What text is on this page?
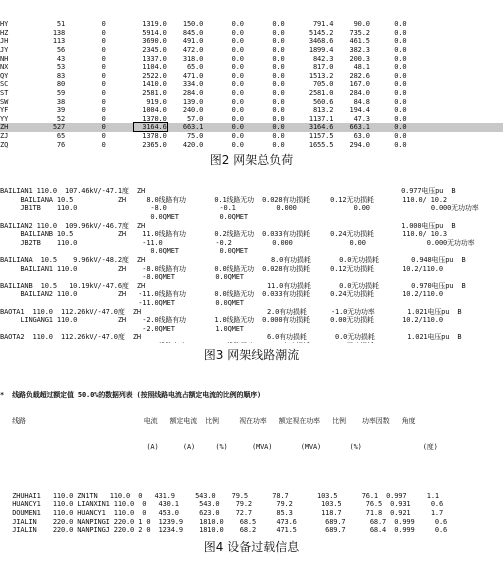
HY            51         0         1319.0    150.0       0.0       0.0       791.4     90.0      0.0
HZ           138         0         5914.0    845.0       0.0       0.0      5145.2    735.2      0.0
JH           113         0         3690.0    491.0       0.0       0.0      3468.6    461.5      0.0
JY            56         0         2345.0    472.0       0.0       0.0      1899.4    382.3      0.0
NH            43         0         1337.0    318.0       0.0       0.0       842.3    200.3      0.0
NX            53         0         1104.0     65.0       0.0       0.0       817.0     48.1      0.0
QY            83         0         2522.0    471.0       0.0       0.0      1513.2    282.6      0.0
SC            80         0         1410.0    334.0       0.0       0.0       705.0    167.0      0.0
ST            59         0         2581.0    284.0       0.0       0.0      2581.0    284.0      0.0
SW            38         0          919.0    139.0       0.0       0.0       560.6     84.8      0.0
YF            39         0         1004.0    240.0       0.0       0.0       813.2    194.4      0.0
YY            52         0         1370.0     57.0       0.0       0.0      1137.1     47.3      0.0
ZH           527         0         3164.6    663.1       0.0       0.0      3164.6    663.1      0.0
ZJ            65         0         1378.0     75.0       0.0       0.0      1157.5     63.0      0.0
ZQ            76         0         2365.0    420.0       0.0       0.0      1655.5    294.0      0.0

图2 网架总负荷

BAILIAN1 110.0  107.46kV/-47.1度  ZH                                                               0.977电压pu  B
BAILIANA 10.5           ZH     8.0线路有功       0.1线路无功  0.028有功损耗     0.12无功损耗       110.0/ 10.2
JB1TB    110.0                  -8.0             -0.1          0.000              0.00               0.000无功功率
0.0QMET          0.0QMET
BAILIAN2 110.0  109.96kV/-46.7度  ZH                                                               1.000电压pu  B
BAILIANB 10.5           ZH    11.0线路有功       0.2线路无功  0.033有功损耗     0.24无功损耗       110.0/ 10.3
JB2TB    110.0                -11.0             -0.2          0.000              0.00               0.000无功功率
0.0QMET          0.0QMET
BAILIANA  10.5    9.96kV/-48.2度  ZH                               8.0有功损耗       0.0无功损耗        0.948电压pu  B
BAILIAN1 110.0          ZH    -8.0线路有功       0.0线路无功  0.028有功损耗     0.12无功损耗       10.2/110.0
-8.0QMET          0.0QMET
BAILIANB  10.5   10.19kV/-47.6度  ZH                              11.0有功损耗       0.0无功损耗        0.970电压pu  B
BAILIAN2 110.0          ZH   -11.0线路有功       0.0线路无功  0.033有功损耗     0.24无功损耗       10.2/110.0
-11.0QMET          0.0QMET
BAOTA1  110.0  112.26kV/-47.0度  ZH                               2.0有功损耗      -1.0无功功率        1.021电压pu  B
LINGANG1 110.0          ZH    -2.0线路有功       1.0线路无功  0.000有功损耗     0.00无功损耗       10.2/110.0
-2.0QMET          1.0QMET
BAOTA2  110.0  112.26kV/-47.0度  ZH                               6.0有功损耗       0.0无功损耗        1.021电压pu  B

图3 网架线路潮流

*  线路负载超过额定值 50.0%的数据列表 (按照线路电流占额定电流的比例的顺序)

线路                             电流   额定电流  比例     视在功率   额定视在功率   比例    功率因数   角度

(A)      (A)     (%)      (MVA)       (MVA)       (%)               (度)

ZHUHAI1   110.0 ZN1TN   110.0  0   431.9     543.0    79.5      78.7       103.5      76.1  0.997     1.1
HUANCY1   110.0 LIANXIN1 110.0  0   430.1     543.0    79.2      79.2       103.5      76.5  0.931     0.6
DOUMEN1   110.0 HUANCY1  110.0  0   453.0     623.0    72.7      85.3       118.7      71.8  0.921     1.7
JIALIN    220.0 NANPINGI 220.0 1 0  1239.9    1810.0    68.5     473.6       689.7      68.7  0.999     0.6
JIALIN    220.0 NANPINGJ 220.0 2 0  1234.9    1810.0    68.2     471.5       689.7      68.4  0.999     0.6

图4 设备过载信息
